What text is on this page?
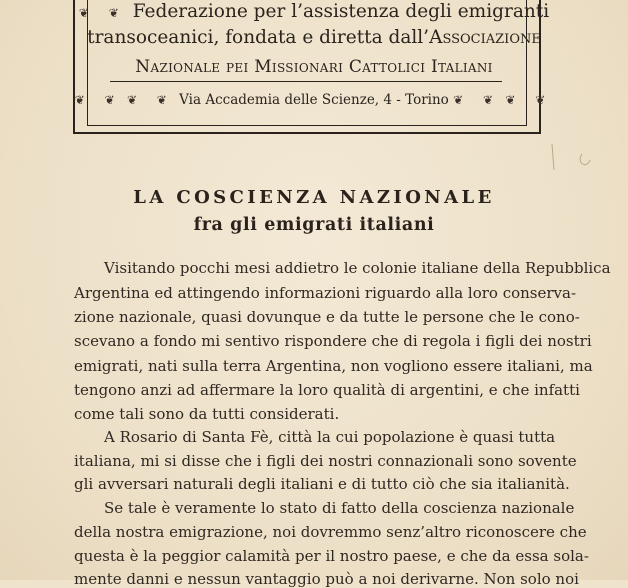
❦ ❦ Federazione per l’assistenza degli emigranti
transoceanici, fondata e diretta dall’Associazione
Nazionale pei Missionari Cattolici Italiani
❦ ❦ ❦ ❦ Via Accademia delle Scienze, 4 - Torino ❦ ❦ ❦ ❦
LA COSCIENZA NAZIONALE
fra gli emigrati italiani
Visitando pocchi mesi addietro le colonie italiane della Repubblica
Argentina ed attingendo informazioni riguardo alla loro conserva-
zione nazionale, quasi dovunque e da tutte le persone che le cono-
scevano a fondo mi sentivo rispondere che di regola i figli dei nostri
emigrati, nati sulla terra Argentina, non vogliono essere italiani, ma
tengono anzi ad affermare la loro qualità di argentini, e che infatti
come tali sono da tutti considerati.
A Rosario di Santa Fè, città la cui popolazione è quasi tutta
italiana, mi si disse che i figli dei nostri connazionali sono sovente
gli avversari naturali degli italiani e di tutto ciò che sia italianità.
Se tale è veramente lo stato di fatto della coscienza nazionale
della nostra emigrazione, noi dovremmo senz’altro riconoscere che
questa è la peggior calamità per il nostro paese, e che da essa sola-
mente danni e nessun vantaggio può a noi derivarne. Non solo noi
